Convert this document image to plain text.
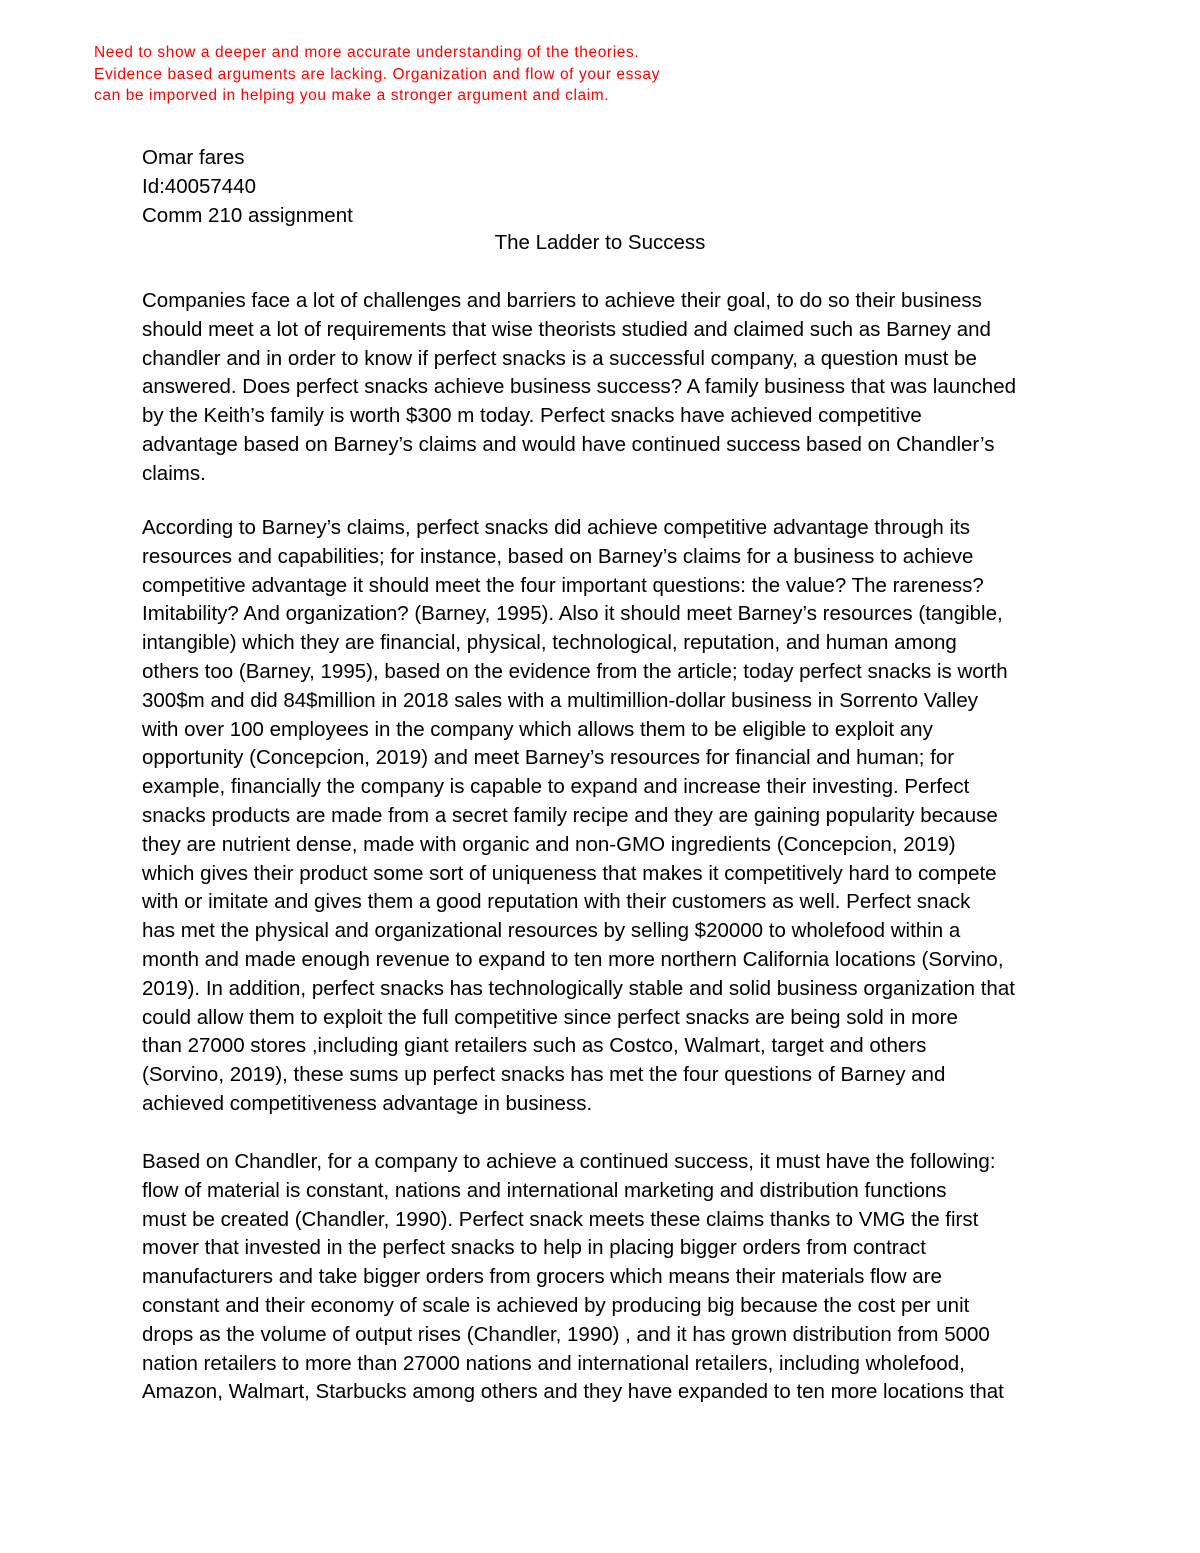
Need to show a deeper and more accurate understanding of the theories.
Evidence based arguments are lacking. Organization and flow of your essay
can be imporved in helping you make a stronger argument and claim.
Omar fares
Id:40057440
Comm 210 assignment
The Ladder to Success
Companies face a lot of challenges and barriers to achieve their goal, to do so their business
should meet a lot of requirements that wise theorists studied and claimed such as Barney and
chandler and in order to know if perfect snacks is a successful company, a question must be
answered. Does perfect snacks achieve business success? A family business that was launched
by the Keith’s family is worth $300 m today. Perfect snacks have achieved competitive
advantage based on Barney’s claims and would have continued success based on Chandler’s
claims.
According to Barney’s claims, perfect snacks did achieve competitive advantage through its
resources and capabilities; for instance, based on Barney’s claims for a business to achieve
competitive advantage it should meet the four important questions: the value? The rareness?
Imitability? And organization? (Barney, 1995). Also it should meet Barney’s resources (tangible,
intangible) which they are financial, physical, technological, reputation, and human among
others too (Barney, 1995), based on the evidence from the article; today perfect snacks is worth
300$m and did 84$million in 2018 sales with a multimillion-dollar business in Sorrento Valley
with over 100 employees in the company which allows them to be eligible to exploit any
opportunity (Concepcion, 2019) and meet Barney’s resources for financial and human; for
example, financially the company is capable to expand and increase their investing. Perfect
snacks products are made from a secret family recipe and they are gaining popularity because
they are nutrient dense, made with organic and non-GMO ingredients (Concepcion, 2019)
which gives their product some sort of uniqueness that makes it competitively hard to compete
with or imitate and gives them a good reputation with their customers as well. Perfect snack
has met the physical and organizational resources by selling $20000 to wholefood within a
month and made enough revenue to expand to ten more northern California locations (Sorvino,
2019). In addition, perfect snacks has technologically stable and solid business organization that
could allow them to exploit the full competitive since perfect snacks are being sold in more
than 27000 stores ,including giant retailers such as Costco, Walmart, target and others
(Sorvino, 2019), these sums up perfect snacks has met the four questions of Barney and
achieved competitiveness advantage in business.
Based on Chandler, for a company to achieve a continued success, it must have the following:
flow of material is constant, nations and international marketing and distribution functions
must be created (Chandler, 1990). Perfect snack meets these claims thanks to VMG the first
mover that invested in the perfect snacks to help in placing bigger orders from contract
manufacturers and take bigger orders from grocers which means their materials flow are
constant and their economy of scale is achieved by producing big because the cost per unit
drops as the volume of output rises (Chandler, 1990) , and it has grown distribution from 5000
nation retailers to more than 27000 nations and international retailers, including wholefood,
Amazon, Walmart, Starbucks among others and they have expanded to ten more locations that
